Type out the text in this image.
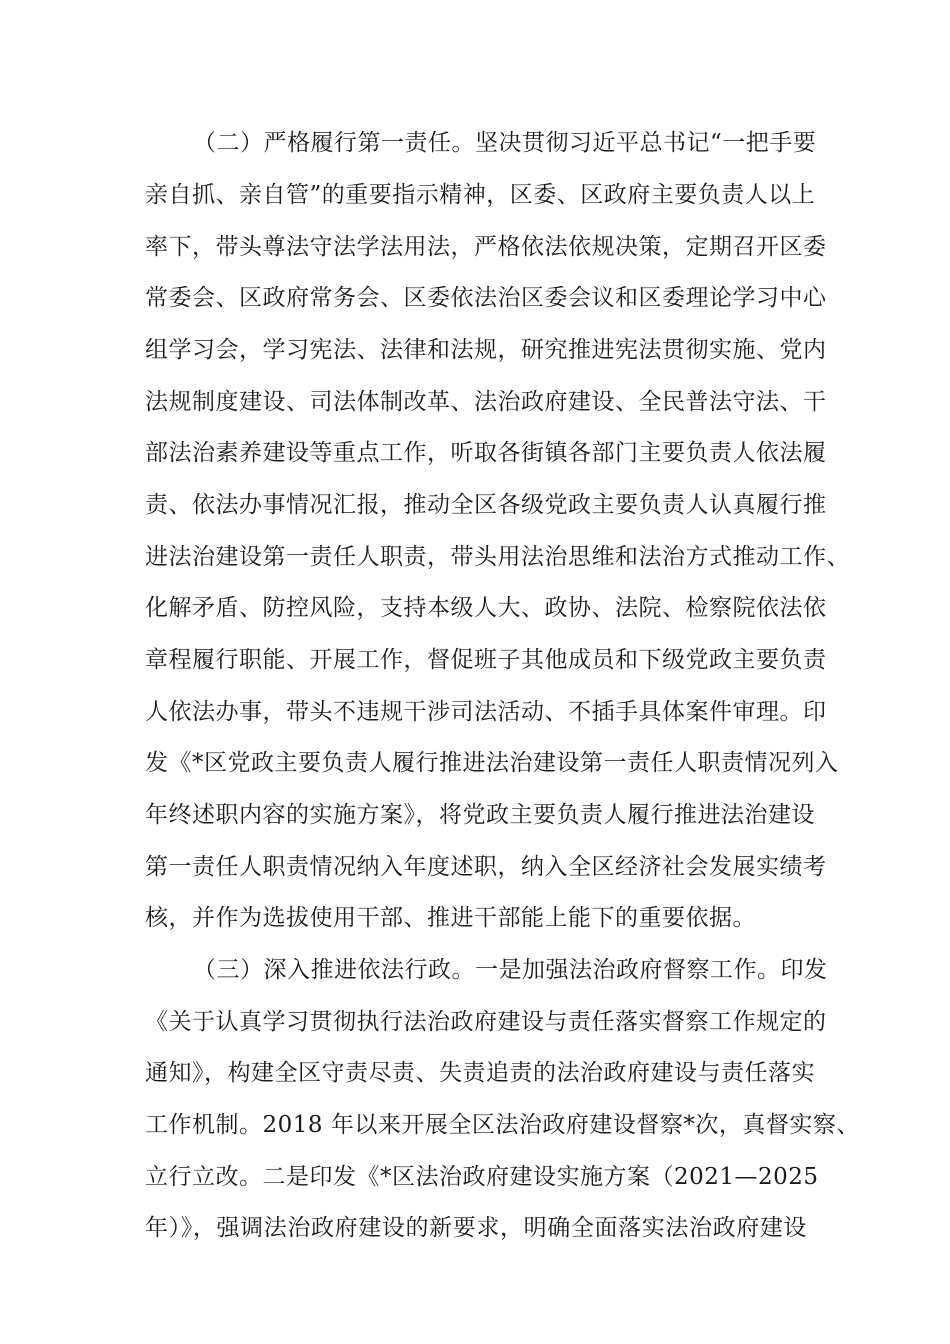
（二）严格履行第一责任。坚决贯彻习近平总书记“一把手要
亲自抓、亲自管”的重要指示精神，区委、区政府主要负责人以上
率下，带头尊法守法学法用法，严格依法依规决策，定期召开区委
常委会、区政府常务会、区委依法治区委会议和区委理论学习中心
组学习会，学习宪法、法律和法规，研究推进宪法贯彻实施、党内
法规制度建设、司法体制改革、法治政府建设、全民普法守法、干
部法治素养建设等重点工作，听取各街镇各部门主要负责人依法履
责、依法办事情况汇报，推动全区各级党政主要负责人认真履行推
进法治建设第一责任人职责，带头用法治思维和法治方式推动工作、
化解矛盾、防控风险，支持本级人大、政协、法院、检察院依法依
章程履行职能、开展工作，督促班子其他成员和下级党政主要负责
人依法办事，带头不违规干涉司法活动、不插手具体案件审理。印
发《*区党政主要负责人履行推进法治建设第一责任人职责情况列入
年终述职内容的实施方案》，将党政主要负责人履行推进法治建设
第一责任人职责情况纳入年度述职，纳入全区经济社会发展实绩考
核，并作为选拔使用干部、推进干部能上能下的重要依据。
（三）深入推进依法行政。一是加强法治政府督察工作。印发
《关于认真学习贯彻执行法治政府建设与责任落实督察工作规定的
通知》，构建全区守责尽责、失责追责的法治政府建设与责任落实
工作机制。2018 年以来开展全区法治政府建设督察*次，真督实察、
立行立改。二是印发《*区法治政府建设实施方案（2021—2025
年）》，强调法治政府建设的新要求，明确全面落实法治政府建设
